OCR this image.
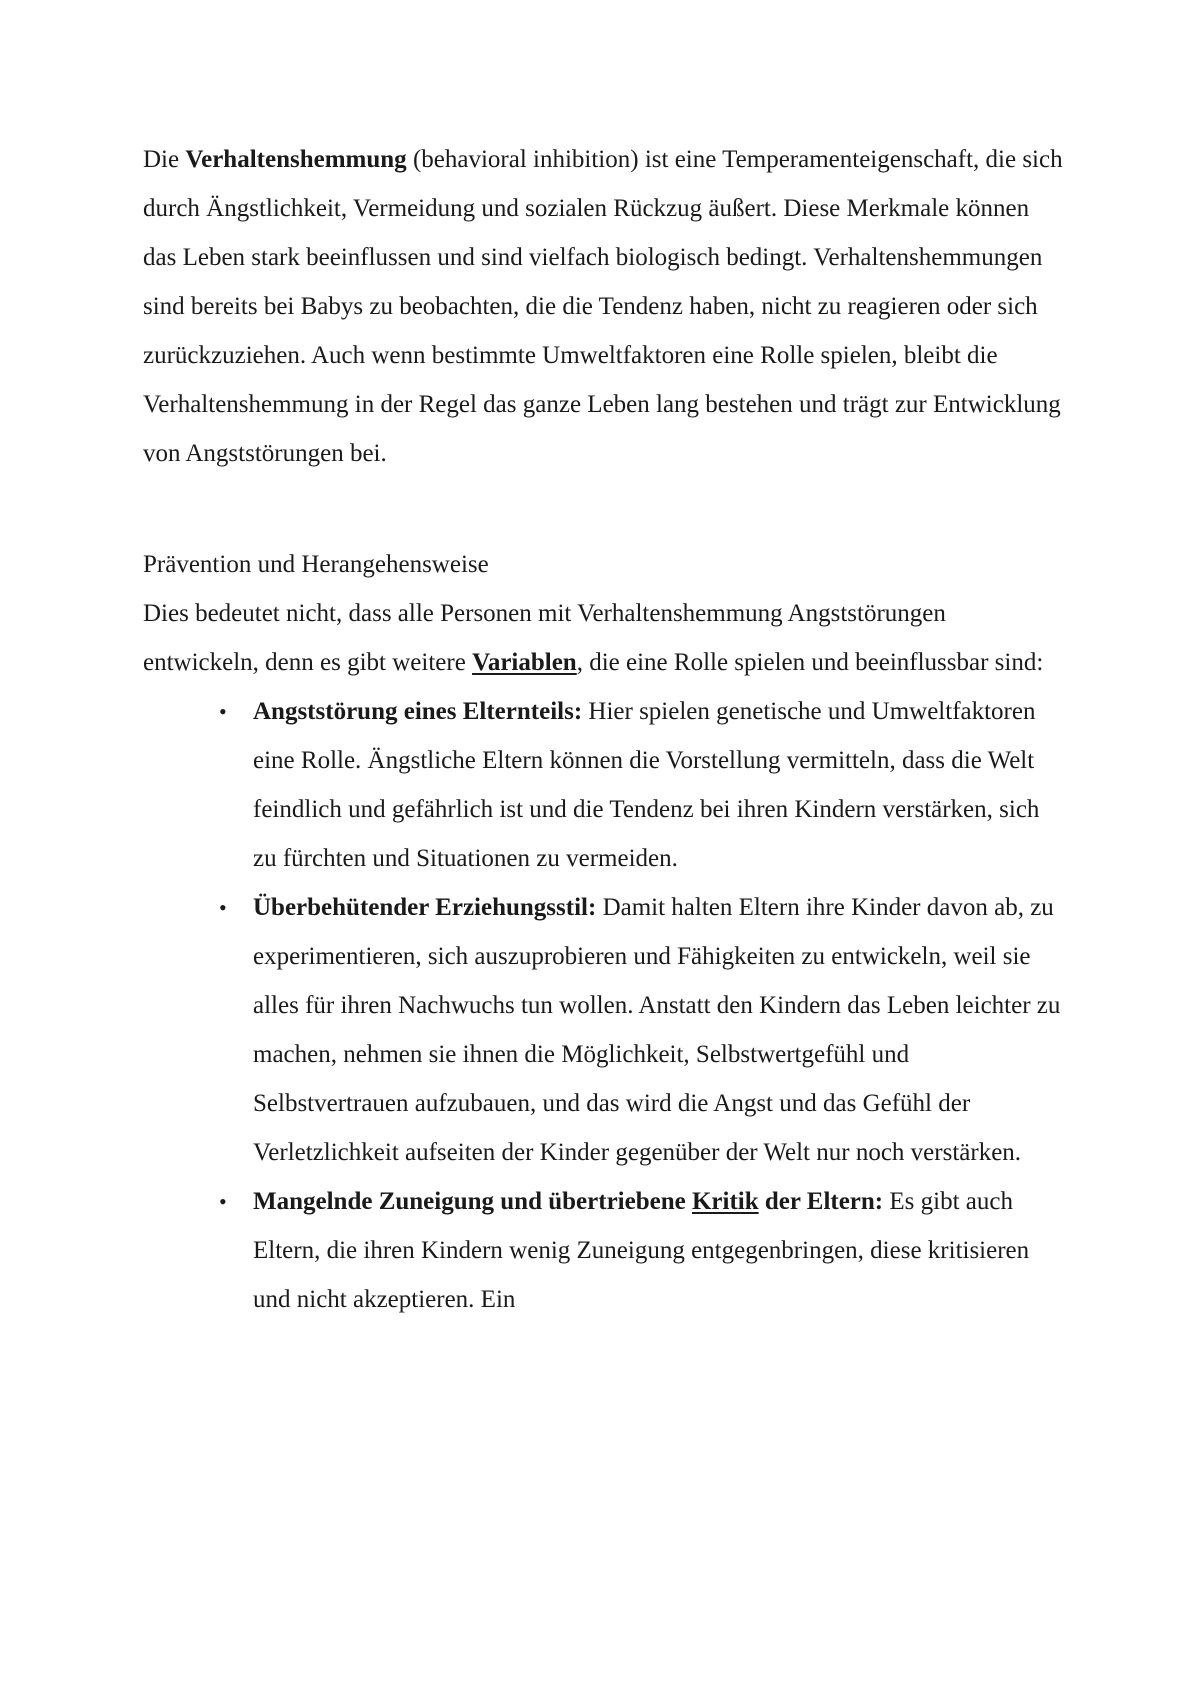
Die Verhaltenshemmung (behavioral inhibition) ist eine Temperamenteigenschaft, die sich durch Ängstlichkeit, Vermeidung und sozialen Rückzug äußert. Diese Merkmale können das Leben stark beeinflussen und sind vielfach biologisch bedingt. Verhaltenshemmungen sind bereits bei Babys zu beobachten, die die Tendenz haben, nicht zu reagieren oder sich zurückzuziehen. Auch wenn bestimmte Umweltfaktoren eine Rolle spielen, bleibt die Verhaltenshemmung in der Regel das ganze Leben lang bestehen und trägt zur Entwicklung von Angststörungen bei.

Prävention und Herangehensweise

Dies bedeutet nicht, dass alle Personen mit Verhaltenshemmung Angststörungen entwickeln, denn es gibt weitere Variablen, die eine Rolle spielen und beeinflussbar sind:

• Angststörung eines Elternteils: Hier spielen genetische und Umweltfaktoren eine Rolle. Ängstliche Eltern können die Vorstellung vermitteln, dass die Welt feindlich und gefährlich ist und die Tendenz bei ihren Kindern verstärken, sich zu fürchten und Situationen zu vermeiden.
• Überbehütender Erziehungsstil: Damit halten Eltern ihre Kinder davon ab, zu experimentieren, sich auszuprobieren und Fähigkeiten zu entwickeln, weil sie alles für ihren Nachwuchs tun wollen. Anstatt den Kindern das Leben leichter zu machen, nehmen sie ihnen die Möglichkeit, Selbstwertgefühl und Selbstvertrauen aufzubauen, und das wird die Angst und das Gefühl der Verletzlichkeit aufseiten der Kinder gegenüber der Welt nur noch verstärken.
• Mangelnde Zuneigung und übertriebene Kritik der Eltern: Es gibt auch Eltern, die ihren Kindern wenig Zuneigung entgegenbringen, diese kritisieren und nicht akzeptieren. Ein
